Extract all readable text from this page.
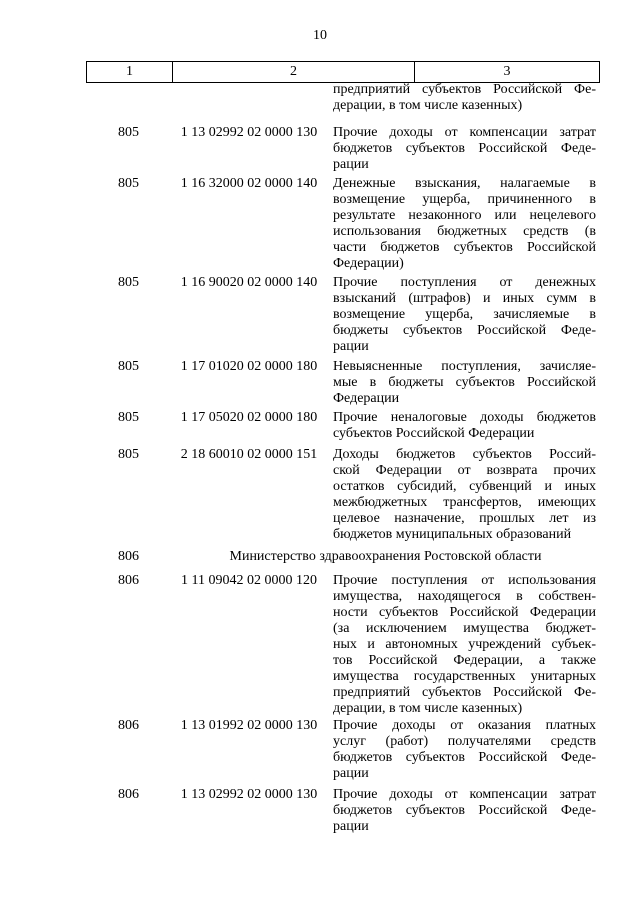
10
1	2	3
предприятий субъектов Российской Фе-
дерации, в том числе казенных)
805	1 13 02992 02 0000 130	Прочие доходы от компенсации затрат
бюджетов субъектов Российской Феде-
рации
805	1 16 32000 02 0000 140	Денежные взыскания, налагаемые в
возмещение ущерба, причиненного в
результате незаконного или нецелевого
использования бюджетных средств (в
части бюджетов субъектов Российской
Федерации)
805	1 16 90020 02 0000 140	Прочие поступления от денежных
взысканий (штрафов) и иных сумм в
возмещение ущерба, зачисляемые в
бюджеты субъектов Российской Феде-
рации
805	1 17 01020 02 0000 180	Невыясненные поступления, зачисляе-
мые в бюджеты субъектов Российской
Федерации
805	1 17 05020 02 0000 180	Прочие неналоговые доходы бюджетов
субъектов Российской Федерации
805	2 18 60010 02 0000 151	Доходы бюджетов субъектов Россий-
ской Федерации от возврата прочих
остатков субсидий, субвенций и иных
межбюджетных трансфертов, имеющих
целевое назначение, прошлых лет из
бюджетов муниципальных образований
806	Министерство здравоохранения Ростовской области
806	1 11 09042 02 0000 120	Прочие поступления от использования
имущества, находящегося в собствен-
ности субъектов Российской Федерации
(за исключением имущества бюджет-
ных и автономных учреждений субъек-
тов Российской Федерации, а также
имущества государственных унитарных
предприятий субъектов Российской Фе-
дерации, в том числе казенных)
806	1 13 01992 02 0000 130	Прочие доходы от оказания платных
услуг (работ) получателями средств
бюджетов субъектов Российской Феде-
рации
806	1 13 02992 02 0000 130	Прочие доходы от компенсации затрат
бюджетов субъектов Российской Феде-
рации
